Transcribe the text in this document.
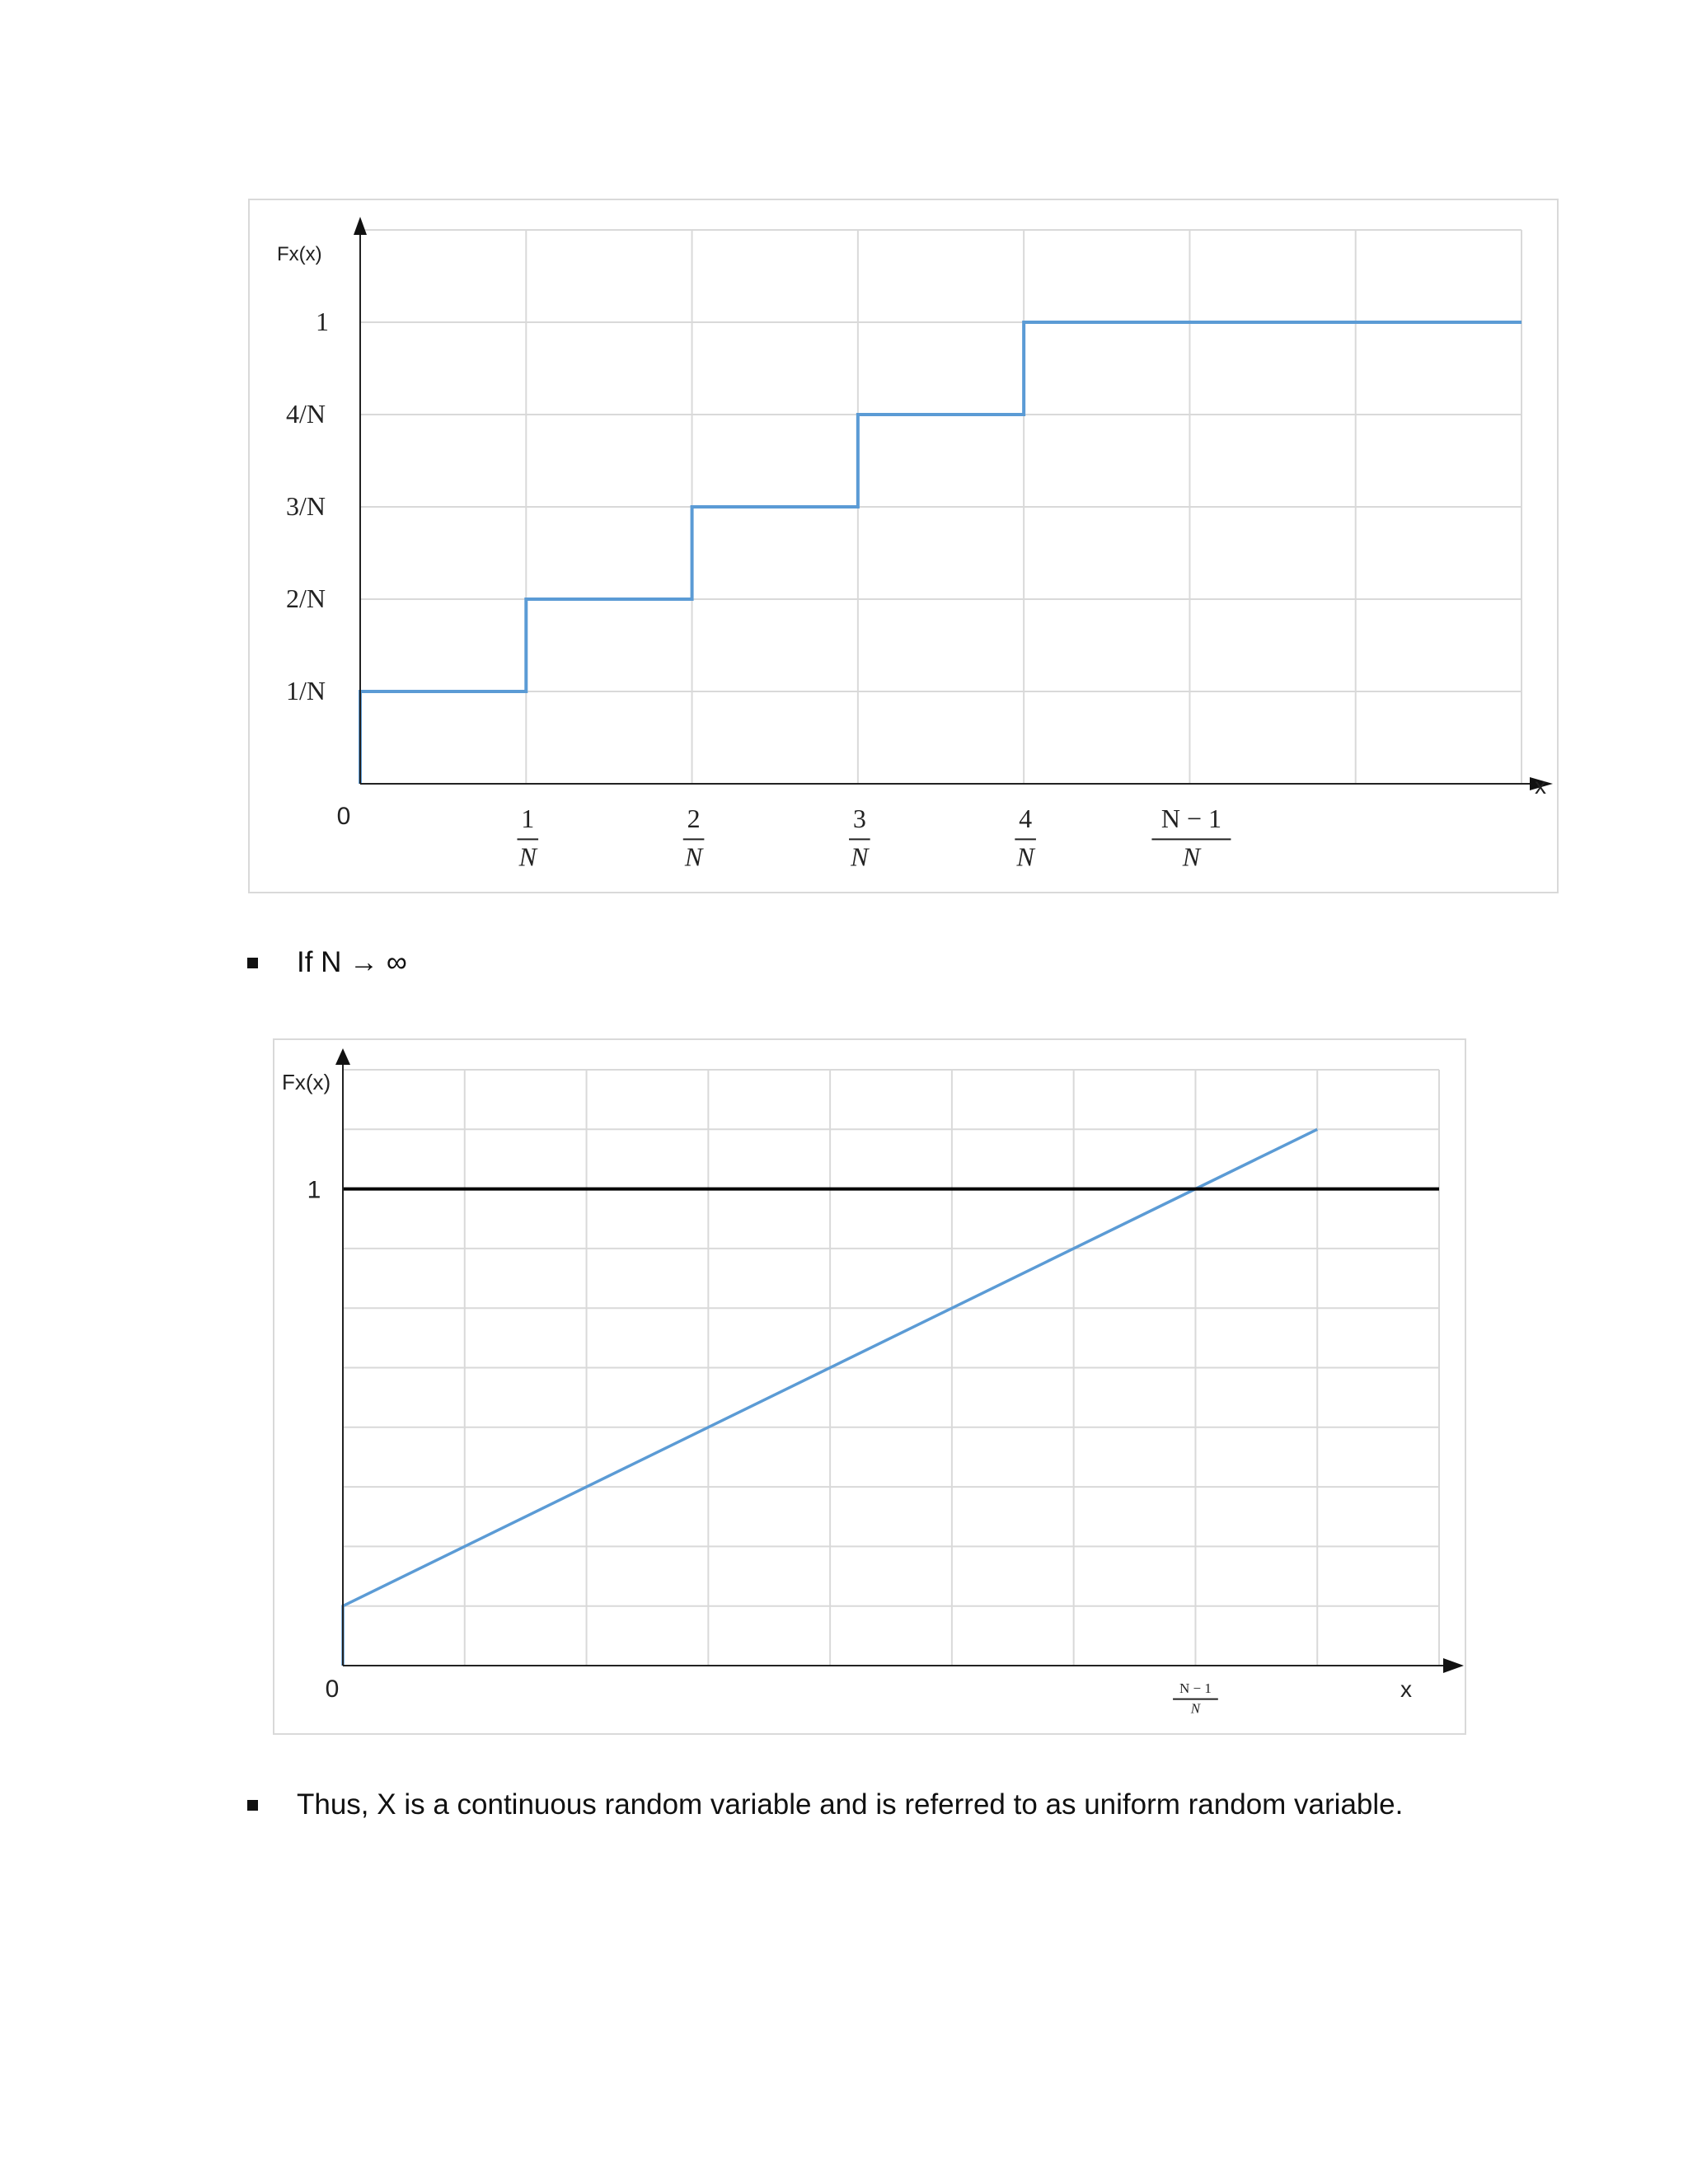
Fx(x)
x
1/N
2/N
3/N
4/N
1
0	1
N
2
N
3
N
4
N
N − 1
N
If N → ∞
Fx(x)
x
1
0	N − 1
N
Thus, X is a continuous random variable and is referred to as uniform random variable.
